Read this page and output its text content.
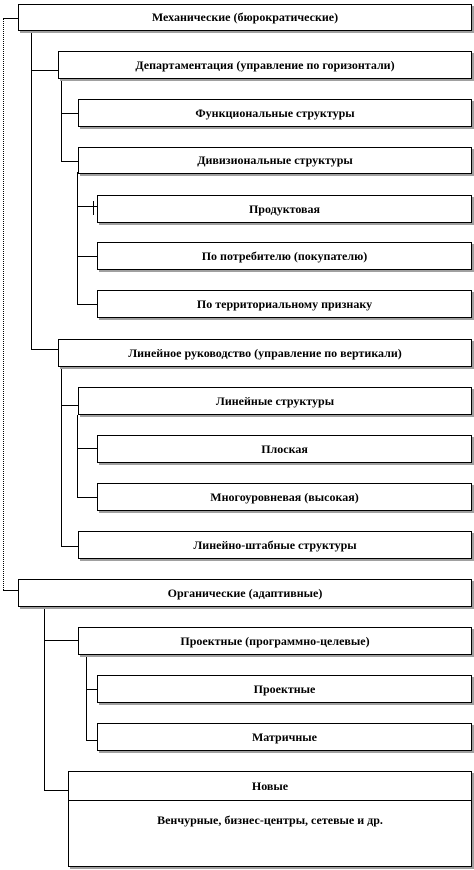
Механические (бюрократические)
Департаментация (управление по горизонтали)
Функциональные структуры
Дивизиональные структуры
Продуктовая
По потребителю (покупателю)
По территориальному признаку
Линейное руководство (управление по вертикали)
Линейные структуры
Плоская
Многоуровневая (высокая)
Линейно-штабные структуры
Органические (адаптивные)
Проектные (программно-целевые)
Проектные
Матричные
Новые
Венчурные, бизнес-центры, сетевые и др.
